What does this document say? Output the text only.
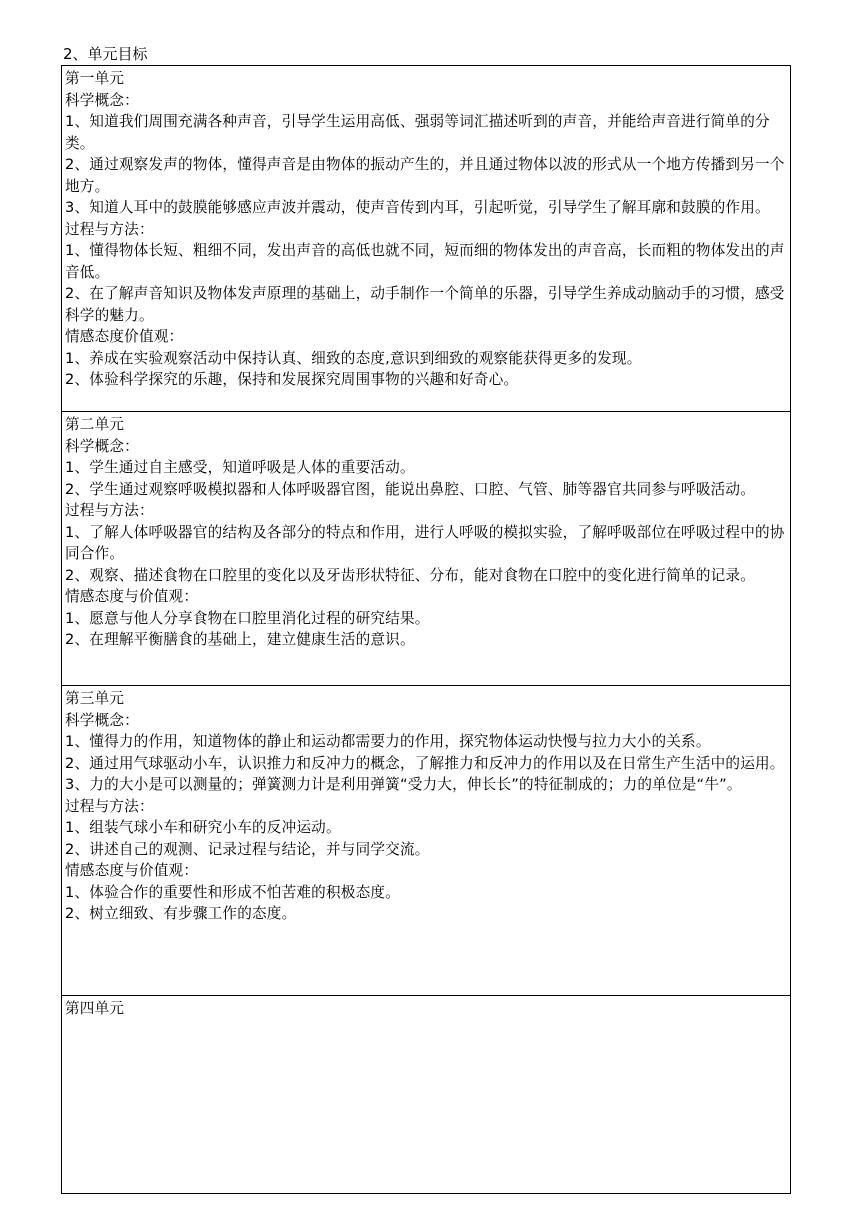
2、单元目标
第一单元
科学概念：
1、知道我们周围充满各种声音，引导学生运用高低、强弱等词汇描述听到的声音，并能给声音进行简单的分类。
2、通过观察发声的物体，懂得声音是由物体的振动产生的，并且通过物体以波的形式从一个地方传播到另一个地方。
3、知道人耳中的鼓膜能够感应声波并震动，使声音传到内耳，引起听觉，引导学生了解耳廓和鼓膜的作用。
过程与方法：
1、懂得物体长短、粗细不同，发出声音的高低也就不同，短而细的物体发出的声音高，长而粗的物体发出的声音低。
2、在了解声音知识及物体发声原理的基础上，动手制作一个简单的乐器，引导学生养成动脑动手的习惯，感受科学的魅力。
情感态度价值观：
1、养成在实验观察活动中保持认真、细致的态度,意识到细致的观察能获得更多的发现。
2、体验科学探究的乐趣，保持和发展探究周围事物的兴趣和好奇心。
第二单元
科学概念：
1、学生通过自主感受，知道呼吸是人体的重要活动。
2、学生通过观察呼吸模拟器和人体呼吸器官图，能说出鼻腔、口腔、气管、肺等器官共同参与呼吸活动。
过程与方法：
1、了解人体呼吸器官的结构及各部分的特点和作用，进行人呼吸的模拟实验，了解呼吸部位在呼吸过程中的协同合作。
2、观察、描述食物在口腔里的变化以及牙齿形状特征、分布，能对食物在口腔中的变化进行简单的记录。
情感态度与价值观：
1、愿意与他人分享食物在口腔里消化过程的研究结果。
2、在理解平衡膳食的基础上，建立健康生活的意识。
第三单元
科学概念：
1、懂得力的作用，知道物体的静止和运动都需要力的作用，探究物体运动快慢与拉力大小的关系。
2、通过用气球驱动小车，认识推力和反冲力的概念，了解推力和反冲力的作用以及在日常生产生活中的运用。
3、力的大小是可以测量的；弹簧测力计是利用弹簧“受力大，伸长长”的特征制成的；力的单位是“牛”。
过程与方法：
1、组装气球小车和研究小车的反冲运动。
2、讲述自己的观测、记录过程与结论，并与同学交流。
情感态度与价值观：
1、体验合作的重要性和形成不怕苦难的积极态度。
2、树立细致、有步骤工作的态度。
第四单元
